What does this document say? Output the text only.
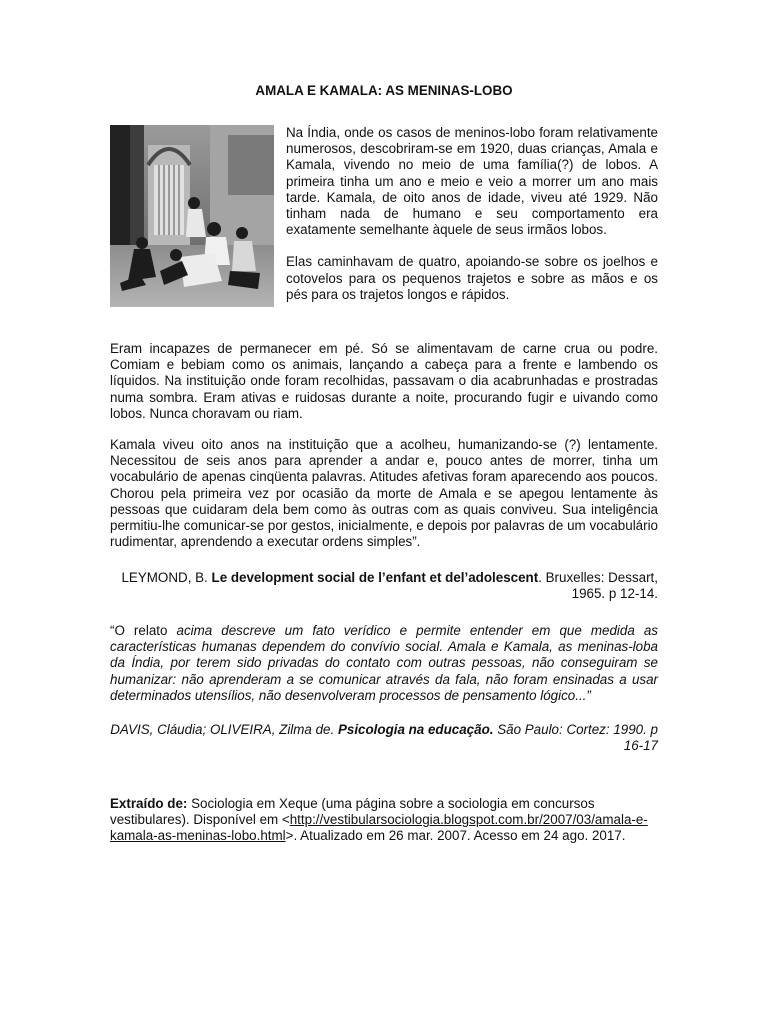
AMALA E KAMALA: AS MENINAS-LOBO

Na Índia, onde os casos de meninos-lobo foram relativamente numerosos, descobriram-se em 1920, duas crianças, Amala e Kamala, vivendo no meio de uma família(?) de lobos. A primeira tinha um ano e meio e veio a morrer um ano mais tarde. Kamala, de oito anos de idade, viveu até 1929. Não tinham nada de humano e seu comportamento era exatamente semelhante àquele de seus irmãos lobos.

Elas caminhavam de quatro, apoiando-se sobre os joelhos e cotovelos para os pequenos trajetos e sobre as mãos e os pés para os trajetos longos e rápidos.

Eram incapazes de permanecer em pé. Só se alimentavam de carne crua ou podre. Comiam e bebiam como os animais, lançando a cabeça para a frente e lambendo os líquidos. Na instituição onde foram recolhidas, passavam o dia acabrunhadas e prostradas numa sombra. Eram ativas e ruidosas durante a noite, procurando fugir e uivando como lobos. Nunca choravam ou riam.

Kamala viveu oito anos na instituição que a acolheu, humanizando-se (?) lentamente. Necessitou de seis anos para aprender a andar e, pouco antes de morrer, tinha um vocabulário de apenas cinqüenta palavras. Atitudes afetivas foram aparecendo aos poucos. Chorou pela primeira vez por ocasião da morte de Amala e se apegou lentamente às pessoas que cuidaram dela bem como às outras com as quais conviveu. Sua inteligência permitiu-lhe comunicar-se por gestos, inicialmente, e depois por palavras de um vocabulário rudimentar, aprendendo a executar ordens simples”.

LEYMOND, B. Le development social de l’enfant et del’adolescent. Bruxelles: Dessart, 1965. p 12-14.
“O relato acima descreve um fato verídico e permite entender em que medida as características humanas dependem do convívio social. Amala e Kamala, as meninas-loba da Índia, por terem sido privadas do contato com outras pessoas, não conseguiram se humanizar: não aprenderam a se comunicar através da fala, não foram ensinadas a usar determinados utensílios, não desenvolveram processos de pensamento lógico...”
DAVIS, Cláudia; OLIVEIRA, Zilma de. Psicologia na educação. São Paulo: Cortez: 1990. p 16-17
Extraído de: Sociologia em Xeque (uma página sobre a sociologia em concursos vestibulares). Disponível em <http://vestibularsociologia.blogspot.com.br/2007/03/amala-e-kamala-as-meninas-lobo.html>. Atualizado em 26 mar. 2007. Acesso em 24 ago. 2017.
